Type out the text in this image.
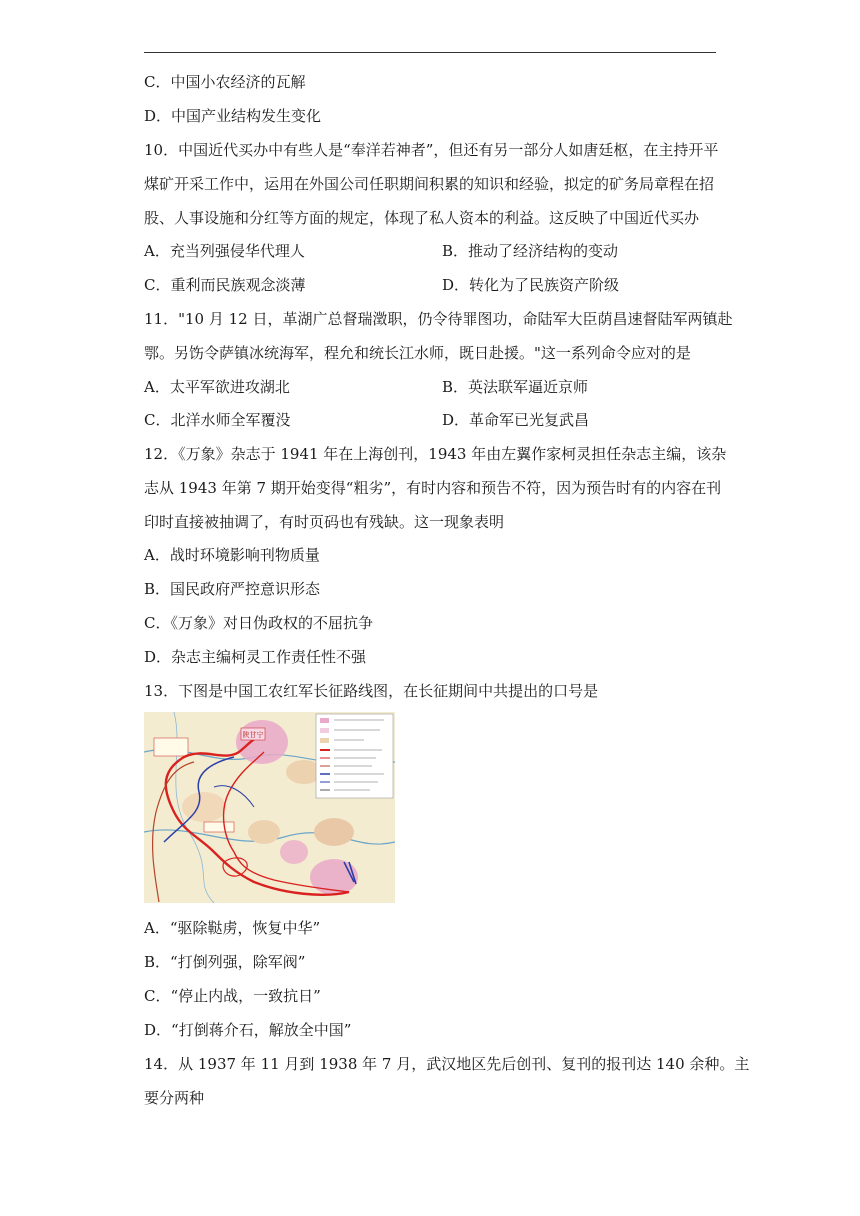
C．中国小农经济的瓦解
D．中国产业结构发生变化
10．中国近代买办中有些人是“奉洋若神者”，但还有另一部分人如唐廷枢，在主持开平
煤矿开采工作中，运用在外国公司任职期间积累的知识和经验，拟定的矿务局章程在招
股、人事设施和分红等方面的规定，体现了私人资本的利益。这反映了中国近代买办
A．充当列强侵华代理人	B．推动了经济结构的变动
C．重利而民族观念淡薄	D．转化为了民族资产阶级
11．"10 月 12 日，革湖广总督瑞澂职，仍令待罪图功，命陆军大臣荫昌速督陆军两镇赴
鄂。另饬令萨镇冰统海军，程允和统长江水师，既日赴援。"这一系列命令应对的是
A．太平军欲进攻湖北	B．英法联军逼近京师
C．北洋水师全军覆没	D．革命军已光复武昌
12．《万象》杂志于 1941 年在上海创刊，1943 年由左翼作家柯灵担任杂志主编，该杂
志从 1943 年第 7 期开始变得“粗劣”，有时内容和预告不符，因为预告时有的内容在刊
印时直接被抽调了，有时页码也有残缺。这一现象表明
A．战时环境影响刊物质量
B．国民政府严控意识形态
C．《万象》对日伪政权的不屈抗争
D．杂志主编柯灵工作责任性不强
13．下图是中国工农红军长征路线图，在长征期间中共提出的口号是
陕甘宁
A．“驱除鞑虏，恢复中华”
B．“打倒列强，除军阀”
C．“停止内战，一致抗日”
D．“打倒蒋介石，解放全中国”
14．从 1937 年 11 月到 1938 年 7 月，武汉地区先后创刊、复刊的报刊达 140 余种。主
要分两种
